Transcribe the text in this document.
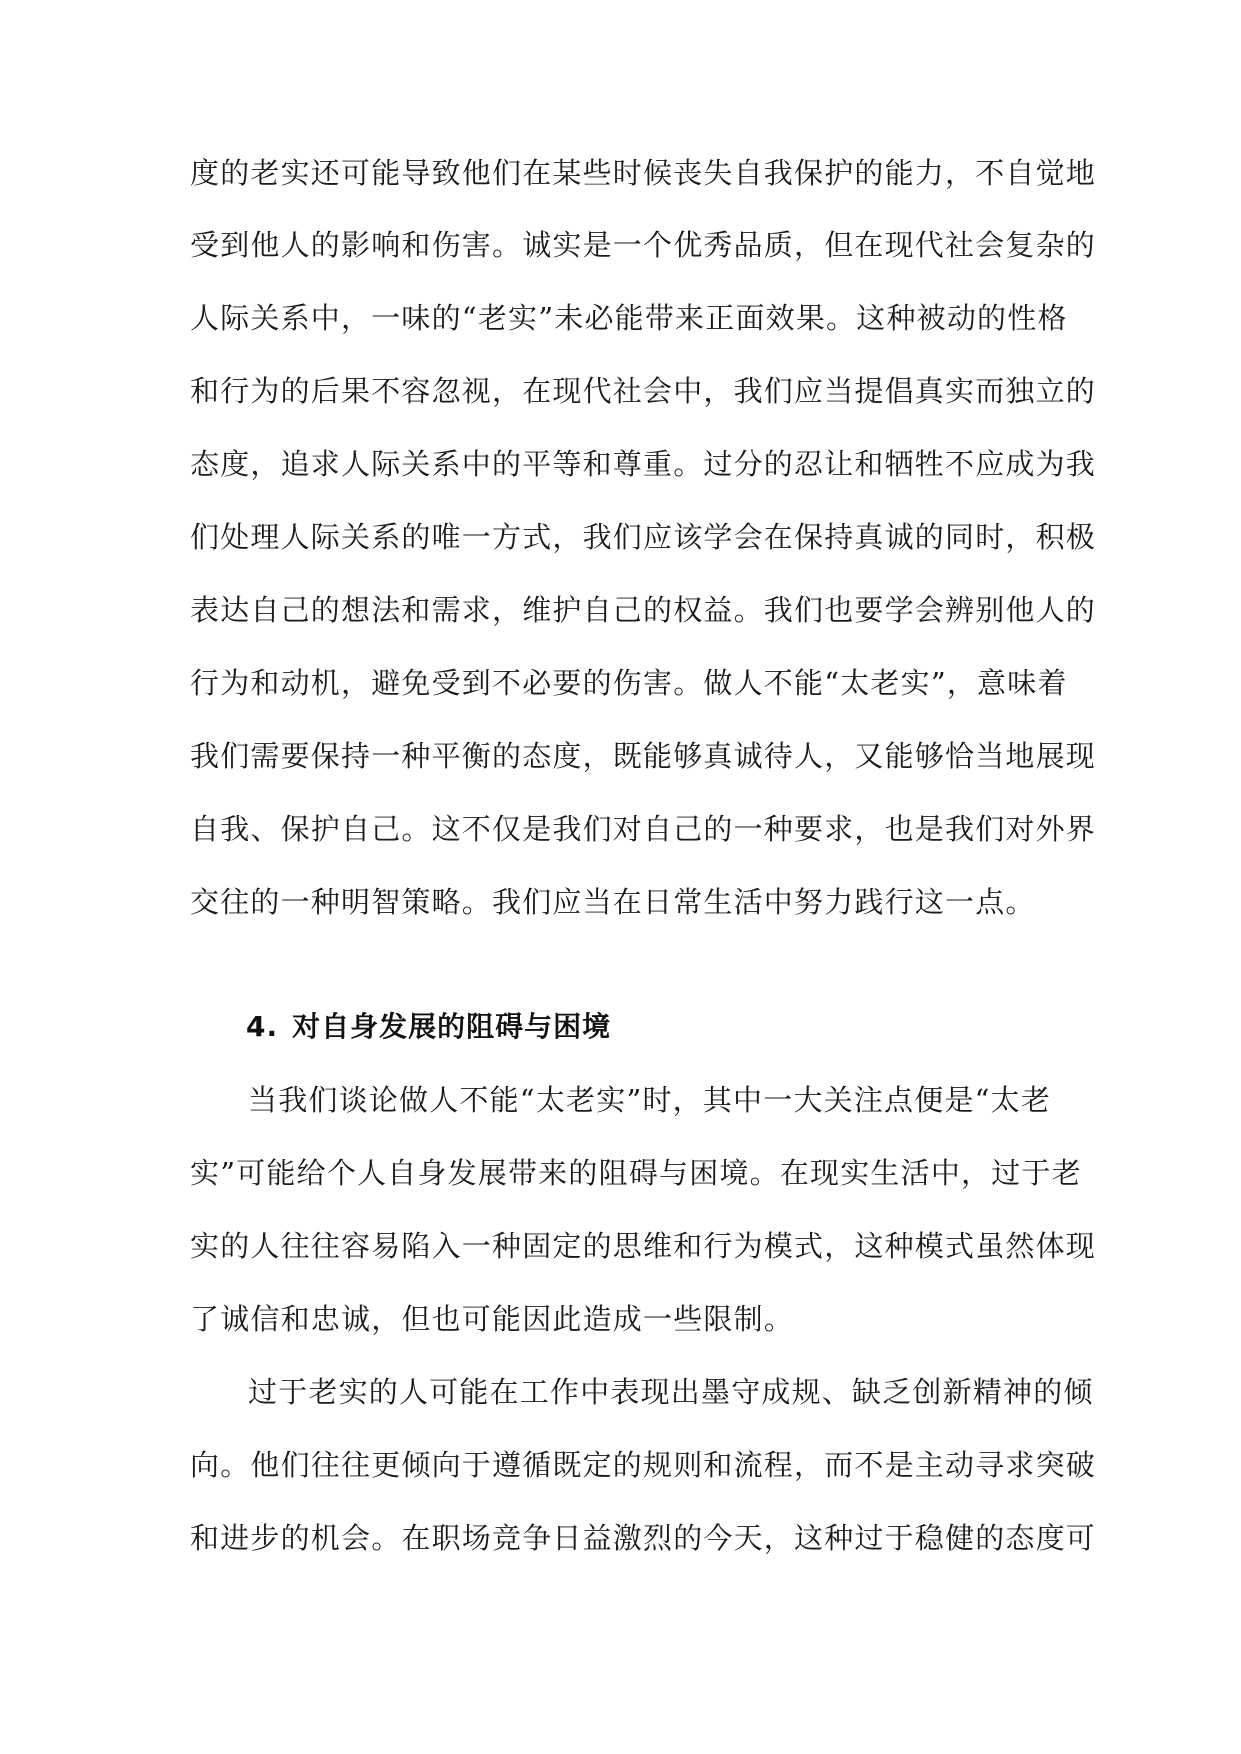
度的老实还可能导致他们在某些时候丧失自我保护的能力，不自觉地
受到他人的影响和伤害。诚实是一个优秀品质，但在现代社会复杂的
人际关系中，一味的“老实”未必能带来正面效果。这种被动的性格
和行为的后果不容忽视，在现代社会中，我们应当提倡真实而独立的
态度，追求人际关系中的平等和尊重。过分的忍让和牺牲不应成为我
们处理人际关系的唯一方式，我们应该学会在保持真诚的同时，积极
表达自己的想法和需求，维护自己的权益。我们也要学会辨别他人的
行为和动机，避免受到不必要的伤害。做人不能“太老实”，意味着
我们需要保持一种平衡的态度，既能够真诚待人，又能够恰当地展现
自我、保护自己。这不仅是我们对自己的一种要求，也是我们对外界
交往的一种明智策略。我们应当在日常生活中努力践行这一点。
4. 对自身发展的阻碍与困境
当我们谈论做人不能“太老实”时，其中一大关注点便是“太老
实”可能给个人自身发展带来的阻碍与困境。在现实生活中，过于老
实的人往往容易陷入一种固定的思维和行为模式，这种模式虽然体现
了诚信和忠诚，但也可能因此造成一些限制。
过于老实的人可能在工作中表现出墨守成规、缺乏创新精神的倾
向。他们往往更倾向于遵循既定的规则和流程，而不是主动寻求突破
和进步的机会。在职场竞争日益激烈的今天，这种过于稳健的态度可
